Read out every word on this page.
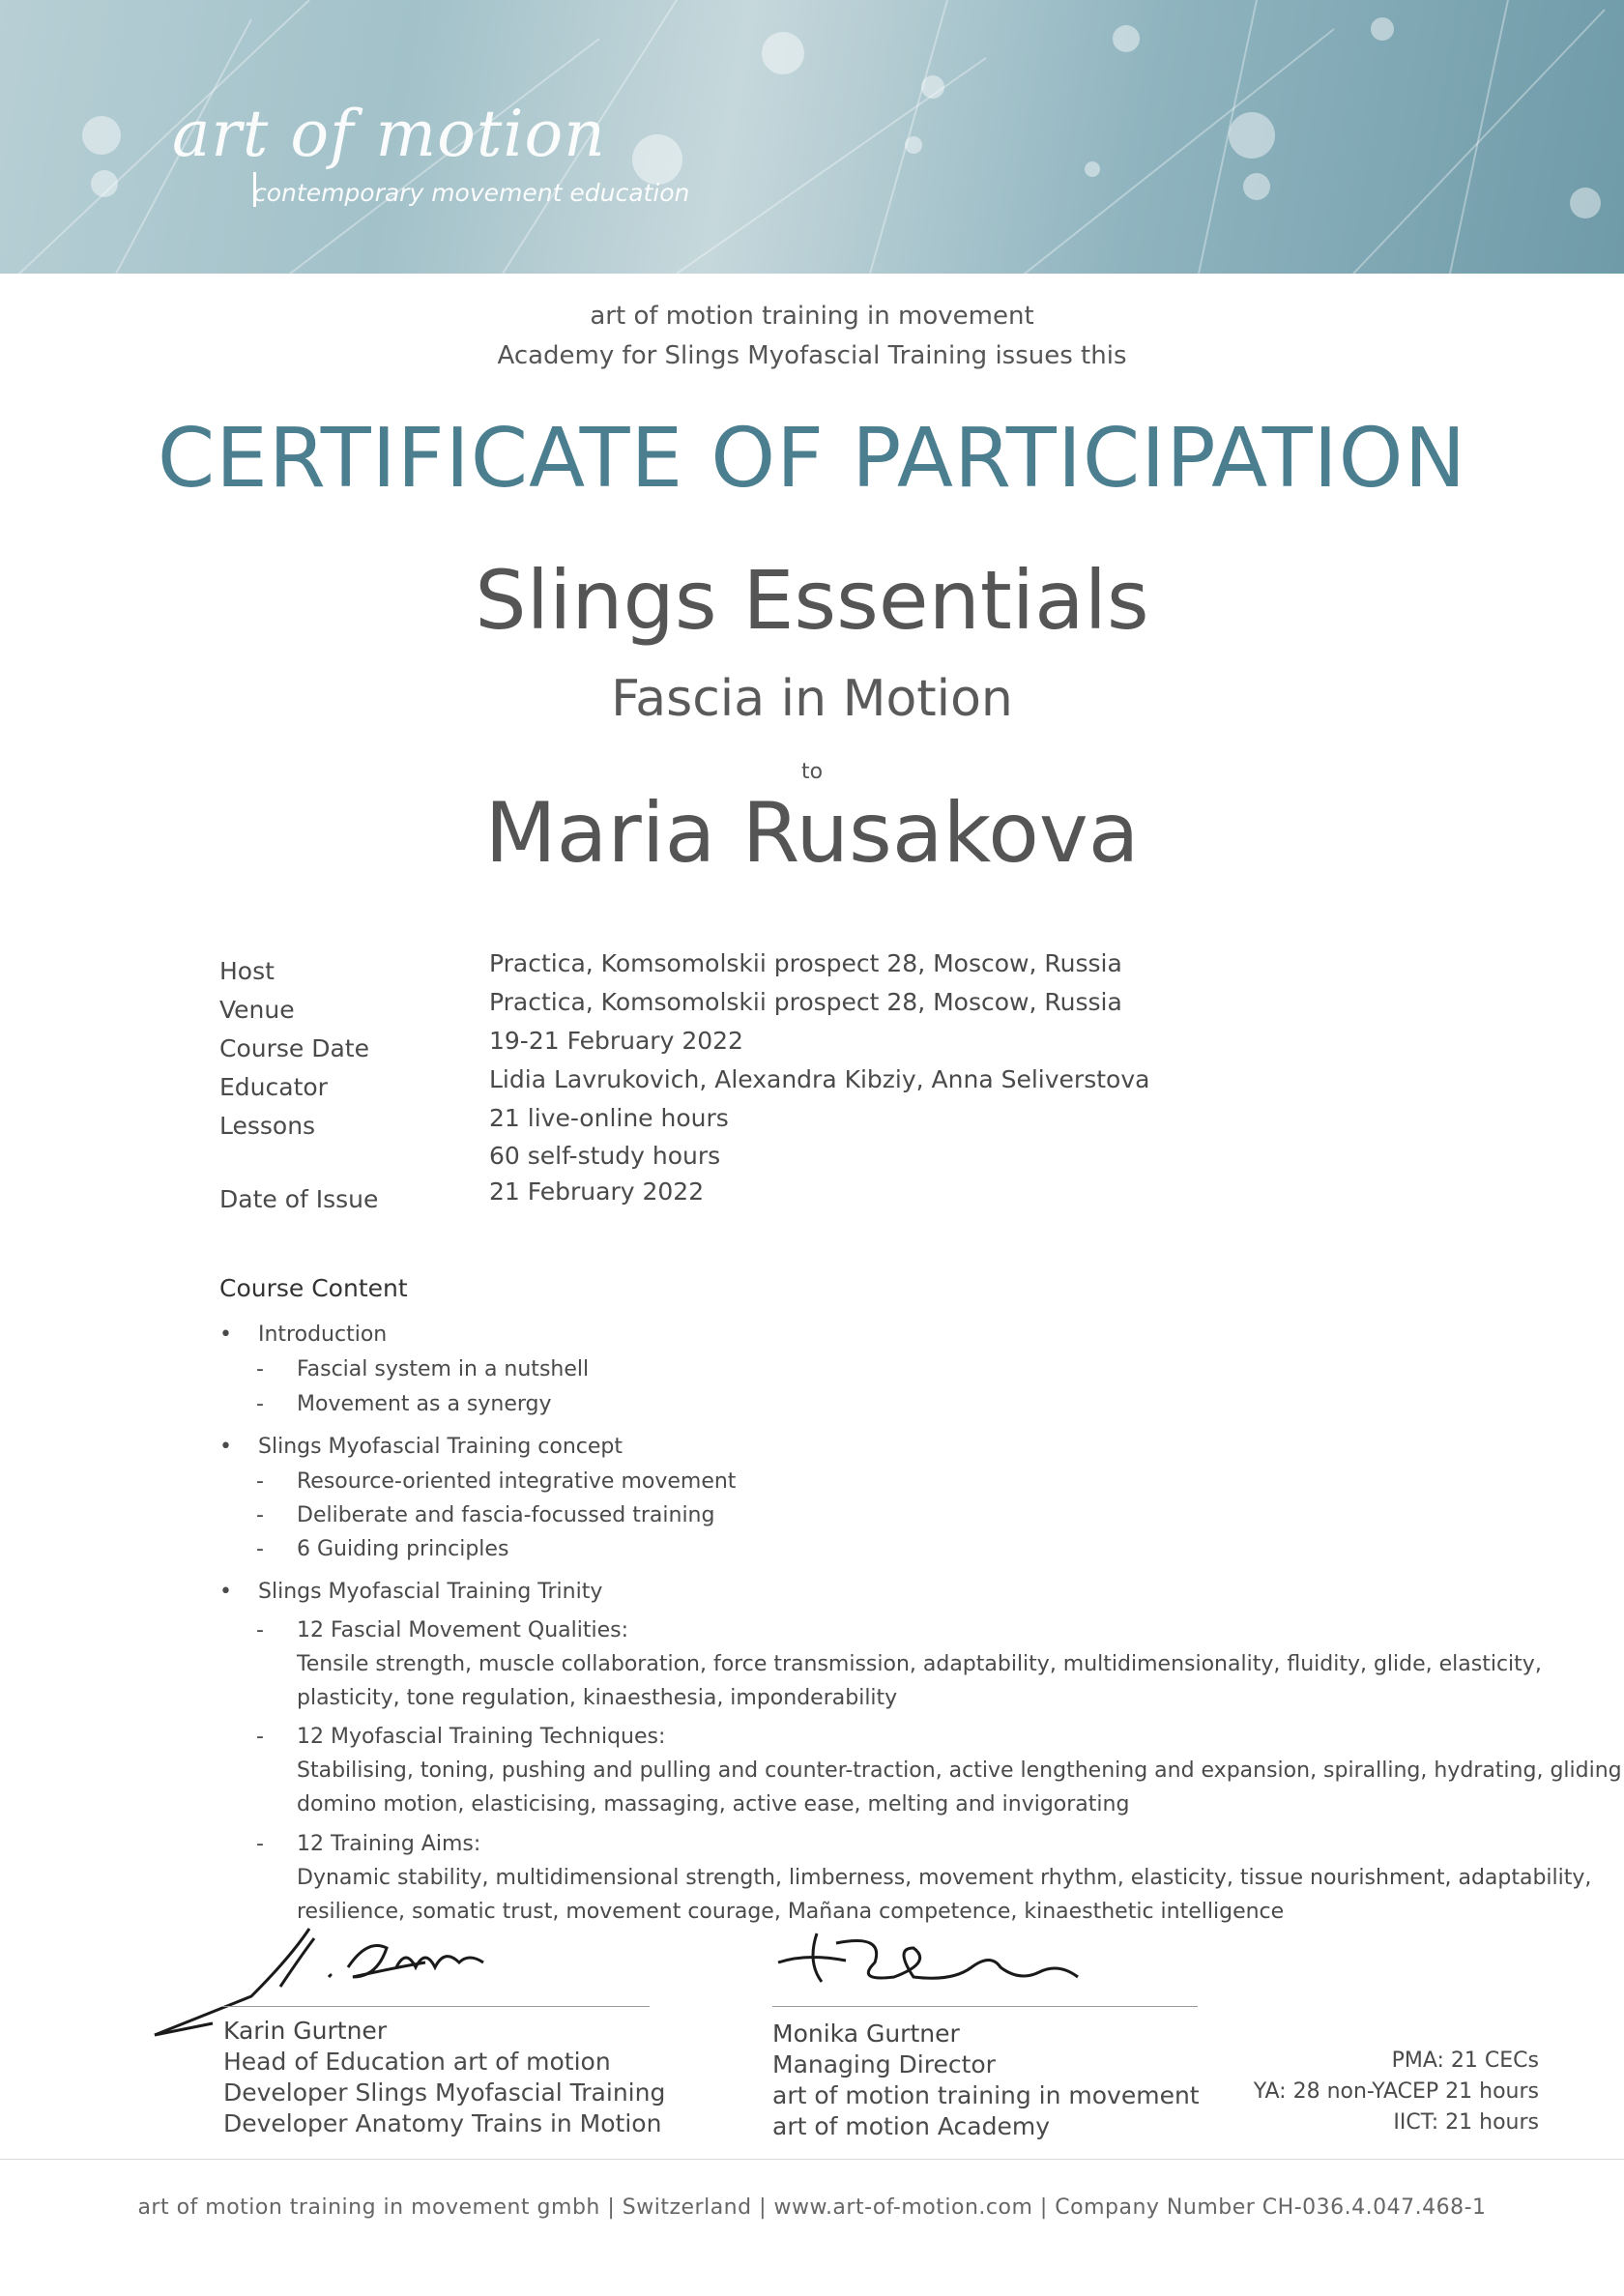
art of motion
contemporary movement education
art of motion training in movement
Academy for Slings Myofascial Training issues this
CERTIFICATE OF PARTICIPATION
Slings Essentials
Fascia in Motion
to
Maria Rusakova
Host	Practica, Komsomolskii prospect 28, Moscow, Russia
Venue	Practica, Komsomolskii prospect 28, Moscow, Russia
Course Date	19-21 February 2022
Educator	Lidia Lavrukovich, Alexandra Kibziy, Anna Seliverstova
Lessons	21 live-online hours
60 self-study hours
Date of Issue	21 February 2022
Course Content
• Introduction
- Fascial system in a nutshell
- Movement as a synergy
• Slings Myofascial Training concept
- Resource-oriented integrative movement
- Deliberate and fascia-focussed training
- 6 Guiding principles
• Slings Myofascial Training Trinity
- 12 Fascial Movement Qualities:
Tensile strength, muscle collaboration, force transmission, adaptability, multidimensionality, fluidity, glide, elasticity,
plasticity, tone regulation, kinaesthesia, imponderability
- 12 Myofascial Training Techniques:
Stabilising, toning, pushing and pulling and counter-traction, active lengthening and expansion, spiralling, hydrating, gliding
domino motion, elasticising, massaging, active ease, melting and invigorating
- 12 Training Aims:
Dynamic stability, multidimensional strength, limberness, movement rhythm, elasticity, tissue nourishment, adaptability,
resilience, somatic trust, movement courage, Mañana competence, kinaesthetic intelligence
Karin Gurtner
Head of Education art of motion
Developer Slings Myofascial Training
Developer Anatomy Trains in Motion
Monika Gurtner
Managing Director
art of motion training in movement
art of motion Academy
PMA: 21 CECs
YA: 28 non-YACEP 21 hours
IICT: 21 hours
art of motion training in movement gmbh | Switzerland | www.art-of-motion.com | Company Number CH-036.4.047.468-1
